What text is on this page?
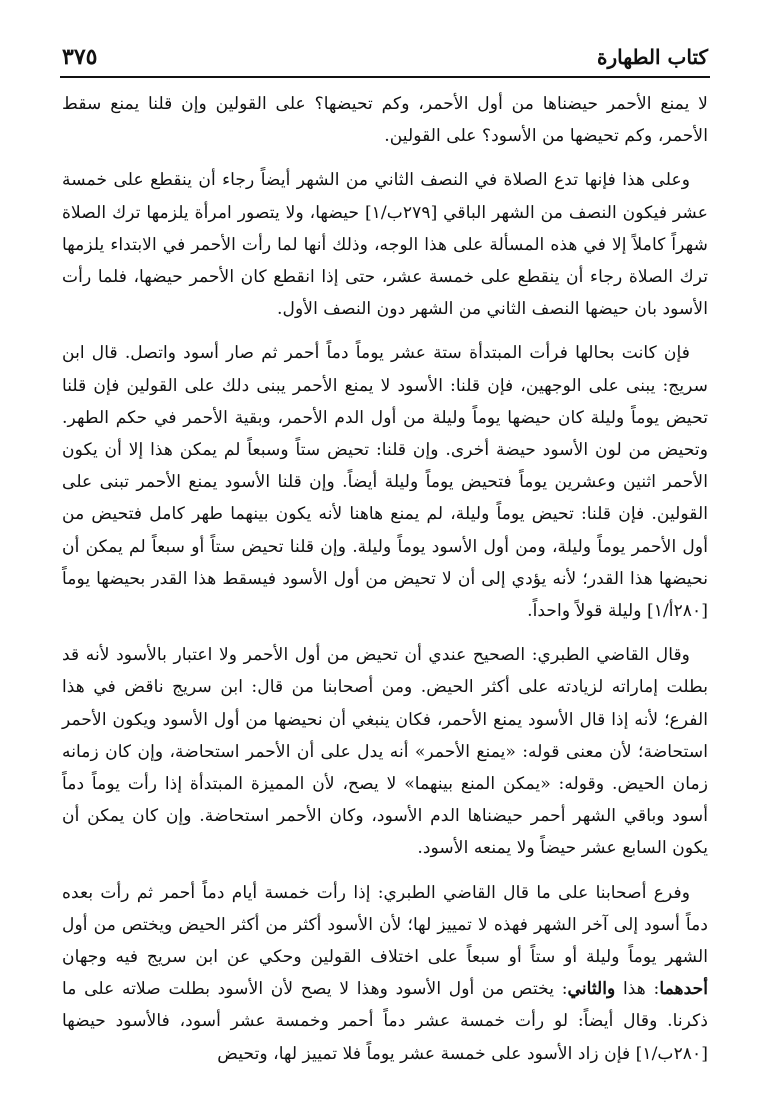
كتاب الطهارة
٣٧٥

لا يمنع الأحمر حيضناها من أول الأحمر، وكم تحيضها؟ على القولين وإن قلنا يمنع سقط الأحمر، وكم تحيضها من الأسود؟ على القولين.

وعلى هذا فإنها تدع الصلاة في النصف الثاني من الشهر أيضاً رجاء أن ينقطع على خمسة عشر فيكون النصف من الشهر الباقي [٢٧٩ب/١] حيضها، ولا يتصور امرأة يلزمها ترك الصلاة شهراً كاملاً إلا في هذه المسألة على هذا الوجه، وذلك أنها لما رأت الأحمر في الابتداء يلزمها ترك الصلاة رجاء أن ينقطع على خمسة عشر، حتى إذا انقطع كان الأحمر حيضها، فلما رأت الأسود بان حيضها النصف الثاني من الشهر دون النصف الأول.

فإن كانت بحالها فرأت المبتدأة ستة عشر يوماً دماً أحمر ثم صار أسود واتصل. قال ابن سريج: يبنى على الوجهين، فإن قلنا: الأسود لا يمنع الأحمر يبنى دلك على القولين فإن قلنا تحيض يوماً وليلة كان حيضها يوماً وليلة من أول الدم الأحمر، وبقية الأحمر في حكم الطهر. وتحيض من لون الأسود حيضة أخرى. وإن قلنا: تحيض ستاً وسبعاً لم يمكن هذا إلا أن يكون الأحمر اثنين وعشرين يوماً فتحيض يوماً وليلة أيضاً. وإن قلنا الأسود يمنع الأحمر تبنى على القولين. فإن قلنا: تحيض يوماً وليلة، لم يمنع هاهنا لأنه يكون بينهما طهر كامل فتحيض من أول الأحمر يوماً وليلة، ومن أول الأسود يوماً وليلة. وإن قلنا تحيض ستاً أو سبعاً لم يمكن أن نحيضها هذا القدر؛ لأنه يؤدي إلى أن لا تحيض من أول الأسود فيسقط هذا القدر بحيضها يوماً [٢٨٠أ/١] وليلة قولاً واحداً.

وقال القاضي الطبري: الصحيح عندي أن تحيض من أول الأحمر ولا اعتبار بالأسود لأنه قد بطلت إماراته لزيادته على أكثر الحيض. ومن أصحابنا من قال: ابن سريج ناقض في هذا الفرع؛ لأنه إذا قال الأسود يمنع الأحمر، فكان ينبغي أن نحيضها من أول الأسود ويكون الأحمر استحاضة؛ لأن معنى قوله: «يمنع الأحمر» أنه يدل على أن الأحمر استحاضة، وإن كان زمانه زمان الحيض. وقوله: «يمكن المنع بينهما» لا يصح، لأن المميزة المبتدأة إذا رأت يوماً دماً أسود وباقي الشهر أحمر حيضناها الدم الأسود، وكان الأحمر استحاضة. وإن كان يمكن أن يكون السابع عشر حيضاً ولا يمنعه الأسود.

وفرع أصحابنا على ما قال القاضي الطبري: إذا رأت خمسة أيام دماً أحمر ثم رأت بعده دماً أسود إلى آخر الشهر فهذه لا تمييز لها؛ لأن الأسود أكثر من أكثر الحيض ويختص من أول الشهر يوماً وليلة أو ستاً أو سبعاً على اختلاف القولين وحكي عن ابن سريج فيه وجهان أحدهما: هذا والثاني: يختص من أول الأسود وهذا لا يصح لأن الأسود بطلت صلاته على ما ذكرنا. وقال أيضاً: لو رأت خمسة عشر دماً أحمر وخمسة عشر أسود، فالأسود حيضها [٢٨٠ب/١] فإن زاد الأسود على خمسة عشر يوماً فلا تمييز لها، وتحيض
